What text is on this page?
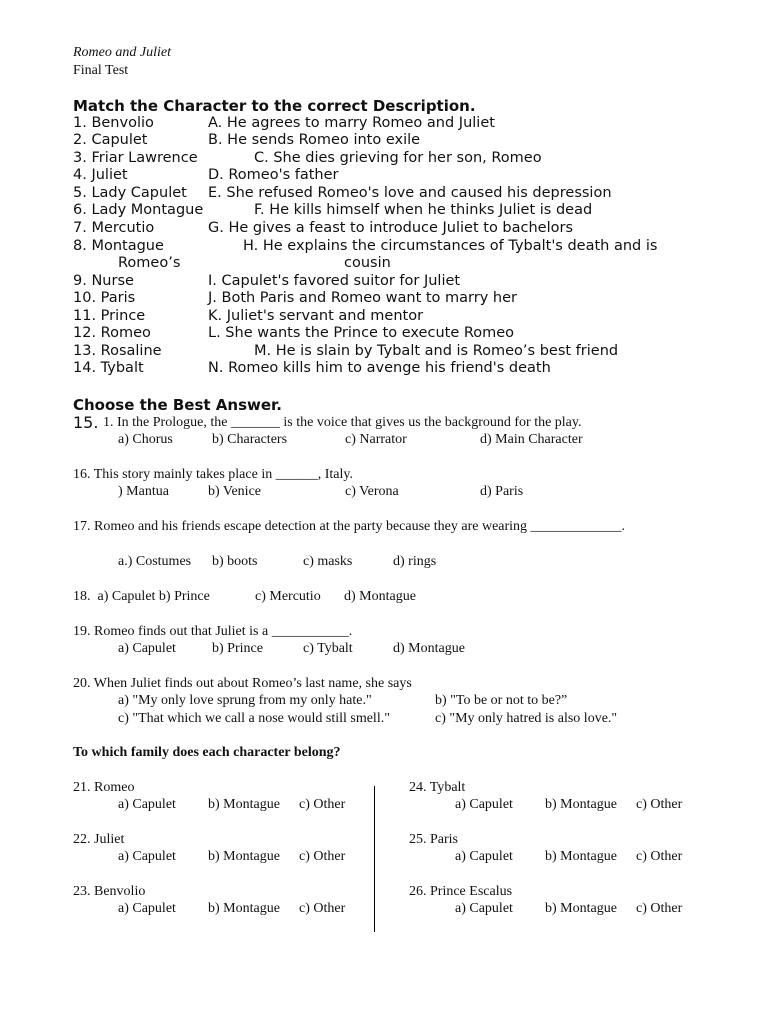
Romeo and Juliet
Final Test
Match the Character to the correct Description.
1. Benvolio	A. He agrees to marry Romeo and Juliet
2. Capulet	B. He sends Romeo into exile
3. Friar Lawrence	C. She dies grieving for her son, Romeo
4. Juliet	D. Romeo's father
5. Lady Capulet E. She refused Romeo's love and caused his depression
6. Lady Montague	F. He kills himself when he thinks Juliet is dead
7. Mercutio	G. He gives a feast to introduce Juliet to bachelors
8. Montague	H. He explains the circumstances of Tybalt's death and is
Romeo’s	cousin
9. Nurse	I. Capulet's favored suitor for Juliet
10. Paris	J. Both Paris and Romeo want to marry her
11. Prince	K. Juliet's servant and mentor
12. Romeo	L. She wants the Prince to execute Romeo
13. Rosaline	M. He is slain by Tybalt and is Romeo’s best friend
14. Tybalt	N. Romeo kills him to avenge his friend's death
Choose the Best Answer.
15. 1. In the Prologue, the _______ is the voice that gives us the background for the play.
a) Chorus	b) Characters	c) Narrator	d) Main Character
16. This story mainly takes place in ______, Italy.
) Mantua	b) Venice	c) Verona	d) Paris
17. Romeo and his friends escape detection at the party because they are wearing _____________.
a.) Costumes b) boots	c) masks	d) rings
18.  a) Capulet b) Prince	c) Mercutio d) Montague
19. Romeo finds out that Juliet is a ___________.
a) Capulet	b) Prince	c) Tybalt	d) Montague
20. When Juliet finds out about Romeo’s last name, she says
a) "My only love sprung from my only hate."	b) "To be or not to be?”
c) "That which we call a nose would still smell."	c) "My only hatred is also love."
To which family does each character belong?
21. Romeo
a) Capulet b) Montague c) Other
22. Juliet
a) Capulet b) Montague c) Other
23. Benvolio
a) Capulet b) Montague c) Other
24. Tybalt
a) Capulet b) Montague c) Other
25. Paris
a) Capulet b) Montague c) Other
26. Prince Escalus
a) Capulet b) Montague c) Other
